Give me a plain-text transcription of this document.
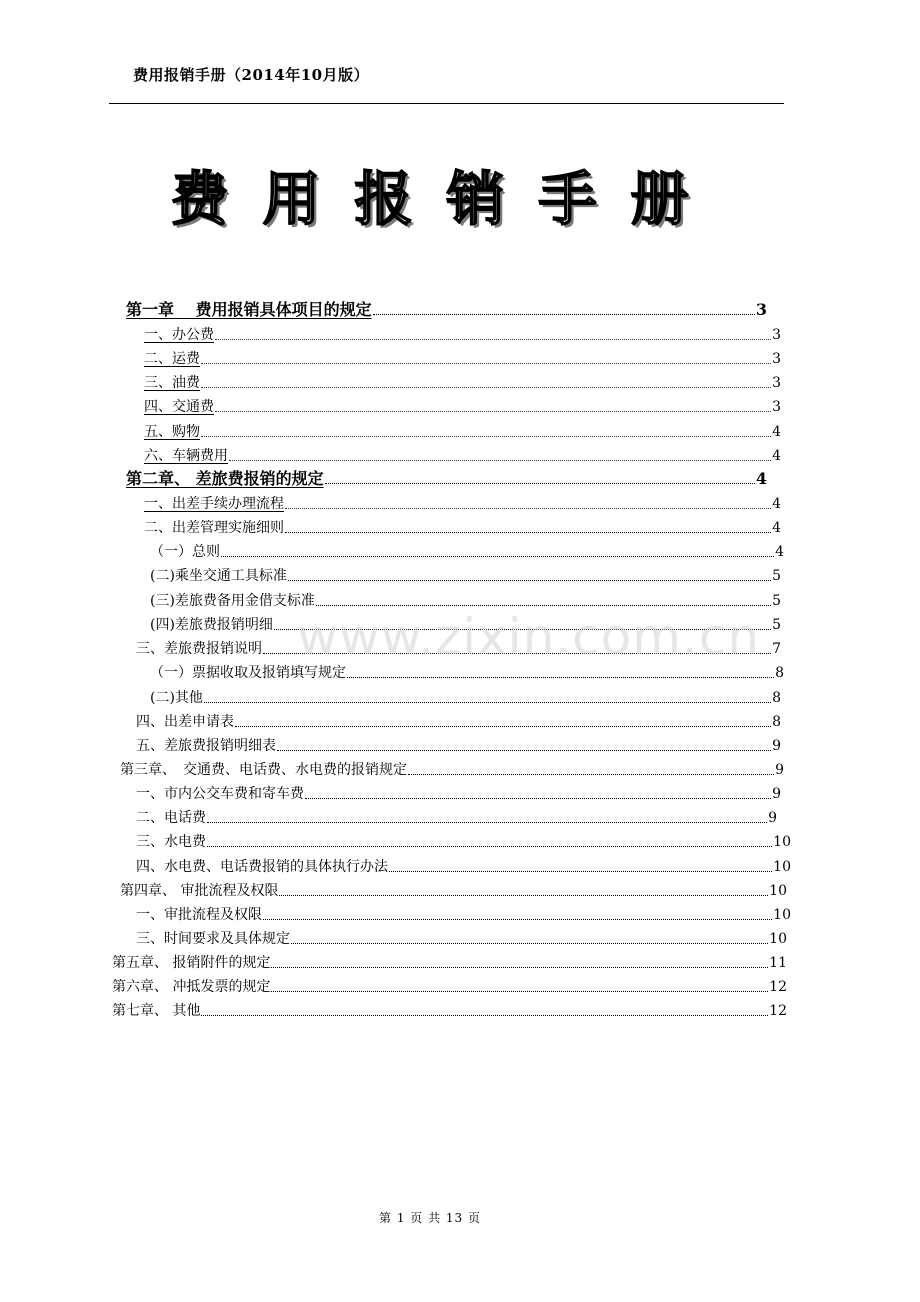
费用报销手册（2014年10月版）
费用报销手册
第一章　 费用报销具体项目的规定	3
一、办公费	3
二、运费	3
三、油费	3
四、交通费	3
五、购物	4
六、车辆费用	4
第二章、 差旅费报销的规定	4
一、出差手续办理流程	4
二、出差管理实施细则	4
（一）总则	4
(二)乘坐交通工具标准	5
(三)差旅费备用金借支标准	5
(四)差旅费报销明细	5
三、差旅费报销说明	7
（一）票据收取及报销填写规定	8
(二)其他	8
四、出差申请表	8
五、差旅费报销明细表	9
第三章、　交通费、电话费、水电费的报销规定	9
一、市内公交车费和寄车费	9
二、电话费	9
三、水电费	10
四、水电费、电话费报销的具体执行办法	10
第四章、 审批流程及权限	10
一、审批流程及权限	10
三、时间要求及具体规定	10
第五章、 报销附件的规定	11
第六章、 冲抵发票的规定	12
第七章、 其他	12
www.zixin.com.cn
第 1 页 共 13 页
